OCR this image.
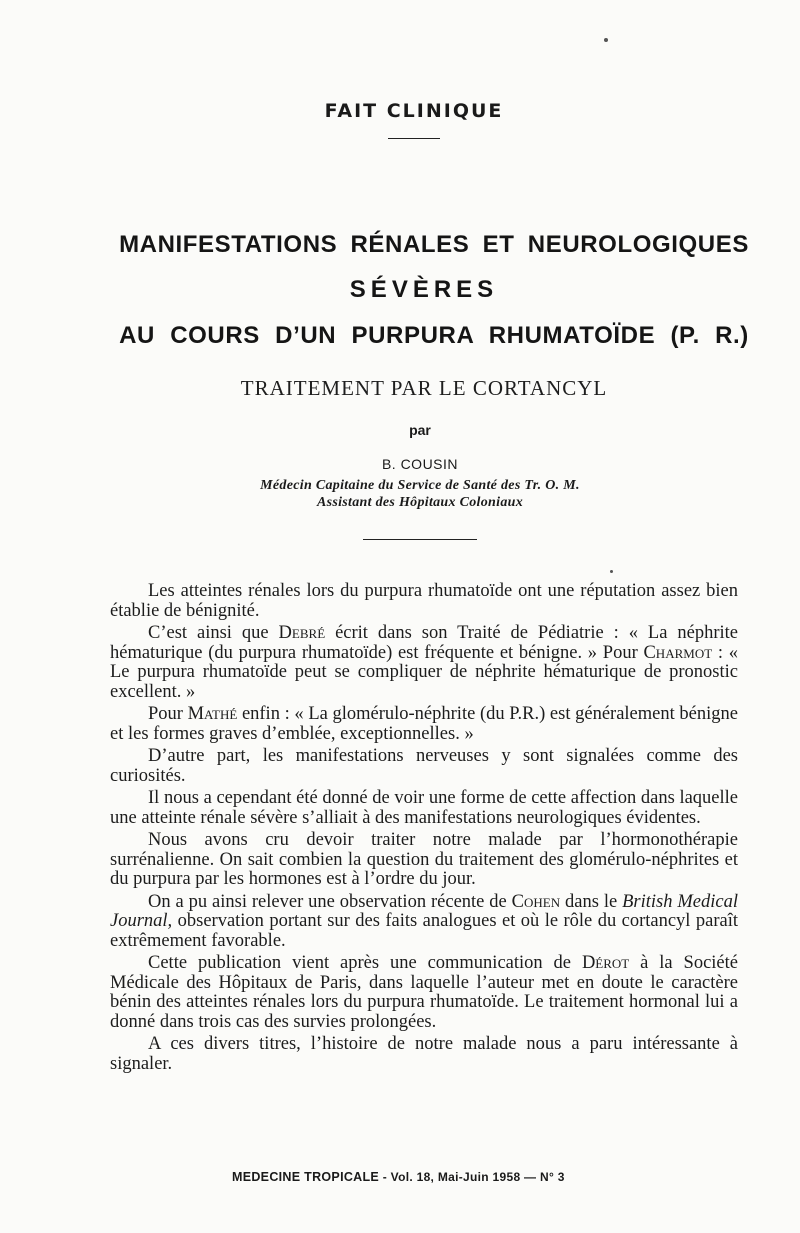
FAIT CLINIQUE
MANIFESTATIONS RÉNALES ET NEUROLOGIQUES
SÉVÈRES
AU COURS D’UN PURPURA RHUMATOÏDE (P. R.)
TRAITEMENT PAR LE CORTANCYL
par
B. COUSIN
Médecin Capitaine du Service de Santé des Tr. O. M.
Assistant des Hôpitaux Coloniaux

Les atteintes rénales lors du purpura rhumatoïde ont une réputation assez bien établie de bénignité.

C’est ainsi que Debré écrit dans son Traité de Pédiatrie : « La néphrite hématurique (du purpura rhumatoïde) est fréquente et bénigne. » Pour Charmot : « Le purpura rhumatoïde peut se compliquer de néphrite hématurique de pronostic excellent. »

Pour Mathé enfin : « La glomérulo-néphrite (du P.R.) est généralement bénigne et les formes graves d’emblée, exceptionnelles. »

D’autre part, les manifestations nerveuses y sont signalées comme des curiosités.

Il nous a cependant été donné de voir une forme de cette affection dans laquelle une atteinte rénale sévère s’alliait à des manifestations neurologiques évidentes.

Nous avons cru devoir traiter notre malade par l’hormonothérapie surrénalienne. On sait combien la question du traitement des glomérulo-néphrites et du purpura par les hormones est à l’ordre du jour.

On a pu ainsi relever une observation récente de Cohen dans le British Medical Journal, observation portant sur des faits analogues et où le rôle du cortancyl paraît extrêmement favorable.

Cette publication vient après une communication de Dérot à la Société Médicale des Hôpitaux de Paris, dans laquelle l’auteur met en doute le caractère bénin des atteintes rénales lors du purpura rhumatoïde. Le traitement hormonal lui a donné dans trois cas des survies prolongées.

A ces divers titres, l’histoire de notre malade nous a paru intéressante à signaler.

MEDECINE TROPICALE - Vol. 18, Mai-Juin 1958 — N° 3
